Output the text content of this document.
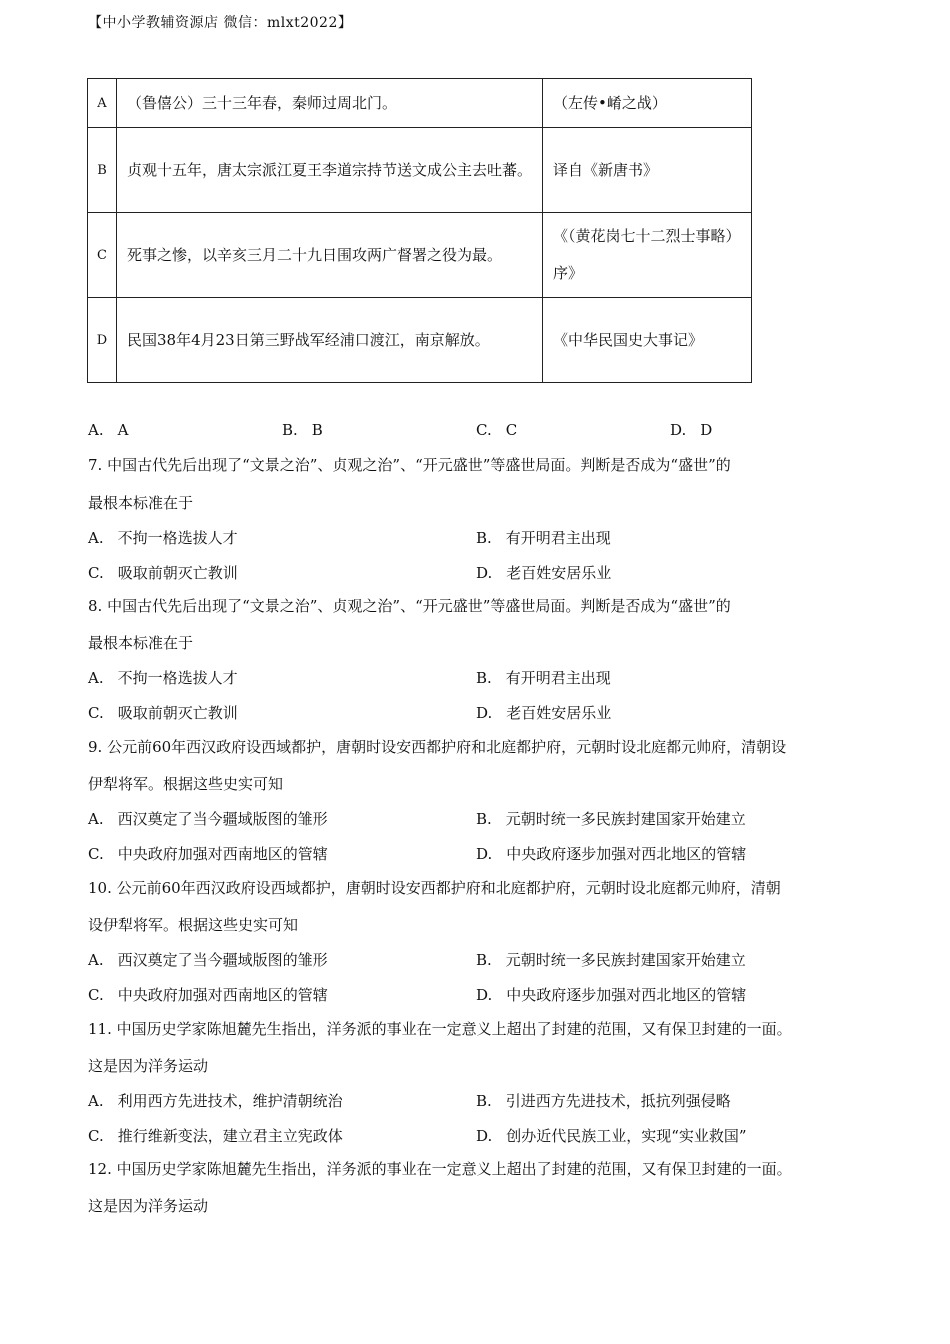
【中小学教辅资源店 微信：mlxt2022】
A	（鲁僖公）三十三年春，秦师过周北门。	（左传•崤之战）
B	贞观十五年，唐太宗派江夏王李道宗持节送文成公主去吐蕃。	译自《新唐书》
C	死事之惨，以辛亥三月二十九日围攻两广督署之役为最。	《（黄花岗七十二烈士事略）序》
D	民国38年4月23日第三野战军经浦口渡江，南京解放。	《中华民国史大事记》
A. A	B. B	C. C	D. D
7. 中国古代先后出现了“文景之治”、贞观之治”、“开元盛世”等盛世局面。判断是否成为“盛世”的
最根本标准在于
A. 不拘一格选拔人才	B. 有开明君主出现
C. 吸取前朝灭亡教训	D. 老百姓安居乐业
8. 中国古代先后出现了“文景之治”、贞观之治”、“开元盛世”等盛世局面。判断是否成为“盛世”的
最根本标准在于
A. 不拘一格选拔人才	B. 有开明君主出现
C. 吸取前朝灭亡教训	D. 老百姓安居乐业
9. 公元前60年西汉政府设西域都护，唐朝时设安西都护府和北庭都护府，元朝时设北庭都元帅府，清朝设
伊犁将军。根据这些史实可知
A. 西汉奠定了当今疆域版图的雏形	B. 元朝时统一多民族封建国家开始建立
C. 中央政府加强对西南地区的管辖	D. 中央政府逐步加强对西北地区的管辖
10. 公元前60年西汉政府设西域都护，唐朝时设安西都护府和北庭都护府，元朝时设北庭都元帅府，清朝
设伊犁将军。根据这些史实可知
A. 西汉奠定了当今疆域版图的雏形	B. 元朝时统一多民族封建国家开始建立
C. 中央政府加强对西南地区的管辖	D. 中央政府逐步加强对西北地区的管辖
11. 中国历史学家陈旭麓先生指出，洋务派的事业在一定意义上超出了封建的范围，又有保卫封建的一面。
这是因为洋务运动
A. 利用西方先进技术，维护清朝统治	B. 引进西方先进技术，抵抗列强侵略
C. 推行维新变法，建立君主立宪政体	D. 创办近代民族工业，实现“实业救国”
12. 中国历史学家陈旭麓先生指出，洋务派的事业在一定意义上超出了封建的范围，又有保卫封建的一面。
这是因为洋务运动
